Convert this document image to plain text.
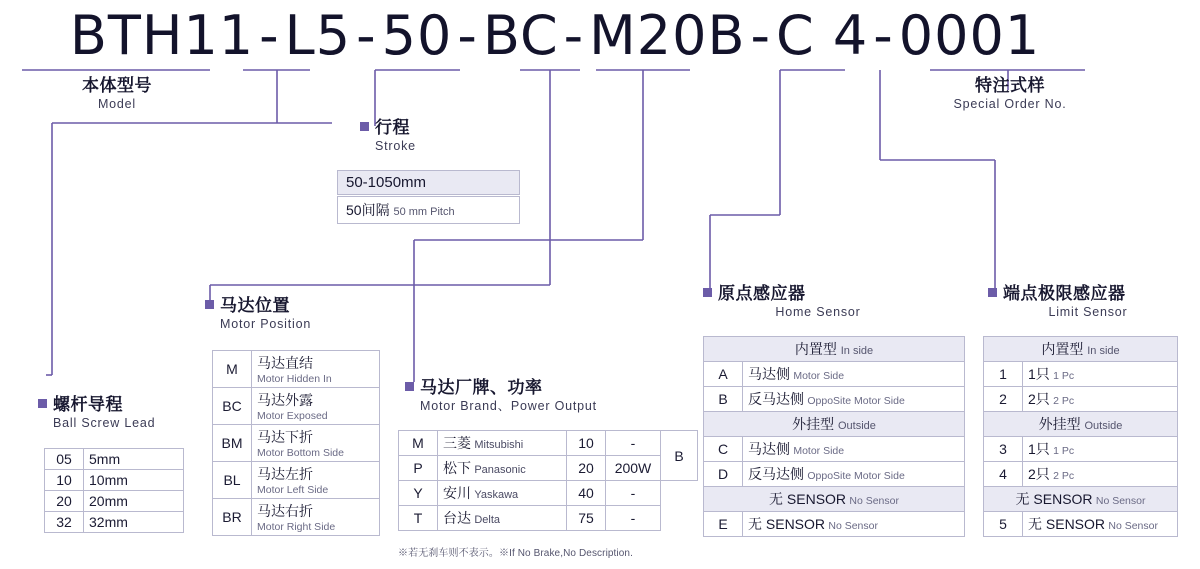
BTH11 - L5 - 50 - BC - M20B - C 4 - 0001
本体型号
Model
特注式样
Special Order No.
行程
Stroke
50-1050mm
50间隔 50 mm Pitch
螺杆导程
Ball Screw Lead
05	5mm
10	10mm
20	20mm
32	32mm
马达位置
Motor Position
M	马达直结
Motor Hidden In

BC	马达外露
Motor Exposed

BM	马达下折
Motor Bottom Side

BL	马达左折
Motor Left Side

BR	马达右折
Motor Right Side
马达厂牌、功率
Motor Brand、Power Output
M	三菱 Mitsubishi	10	-	B
P	松下 Panasonic	20	200W	
Y	安川 Yaskawa	40	-	
T	台达 Delta	75	-	
※若无刹车则不表示。※If No Brake,No Description.
原点感应器
Home Sensor
内置型 In side	
A	马达侧 Motor Side
B	反马达侧 OppoSite Motor Side
外挂型 Outside	
C	马达侧 Motor Side
D	反马达侧 OppoSite Motor Side
无 SENSOR No Sensor	
E	无 SENSOR No Sensor
端点极限感应器
Limit Sensor
内置型 In side	
1	1只 1 Pc
2	2只 2 Pc
外挂型 Outside	
3	1只 1 Pc
4	2只 2 Pc
无 SENSOR No Sensor	
5	无 SENSOR No Sensor
